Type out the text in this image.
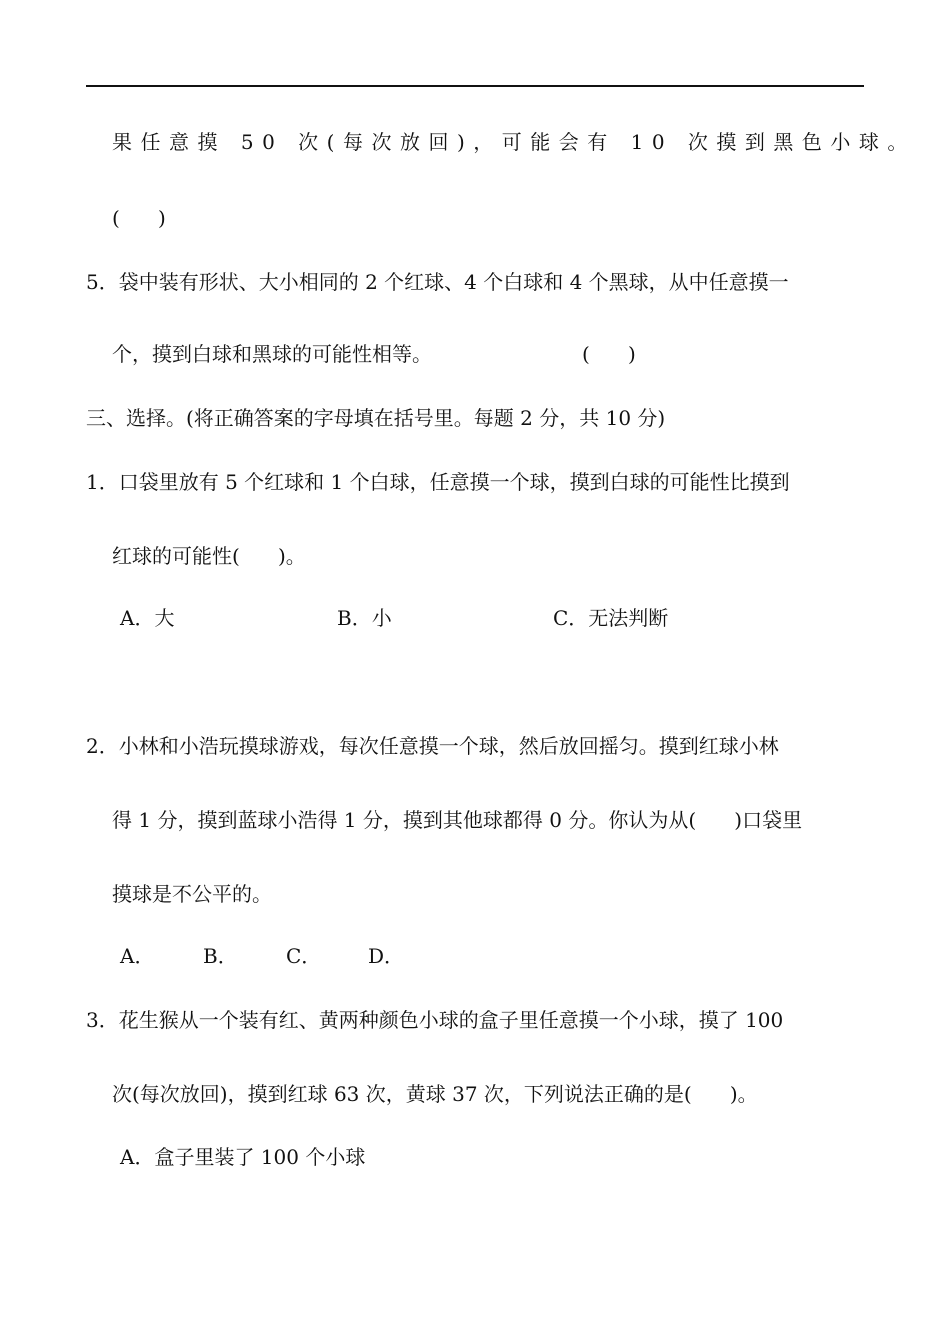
果任意摸 50 次(每次放回)，可能会有 10 次摸到黑色小球。
(      )
5．袋中装有形状、大小相同的 2 个红球、4 个白球和 4 个黑球，从中任意摸一
个，摸到白球和黑球的可能性相等。	(      )
三、选择。(将正确答案的字母填在括号里。每题 2 分，共 10 分)
1．口袋里放有 5 个红球和 1 个白球，任意摸一个球，摸到白球的可能性比摸到
红球的可能性(      )。
A．大	B．小	C．无法判断
2．小林和小浩玩摸球游戏，每次任意摸一个球，然后放回摇匀。摸到红球小林
得 1 分，摸到蓝球小浩得 1 分，摸到其他球都得 0 分。你认为从(      )口袋里
摸球是不公平的。
A． B． C． D．
3．花生猴从一个装有红、黄两种颜色小球的盒子里任意摸一个小球，摸了 100
次(每次放回)，摸到红球 63 次，黄球 37 次，下列说法正确的是(      )。
A．盒子里装了 100 个小球
